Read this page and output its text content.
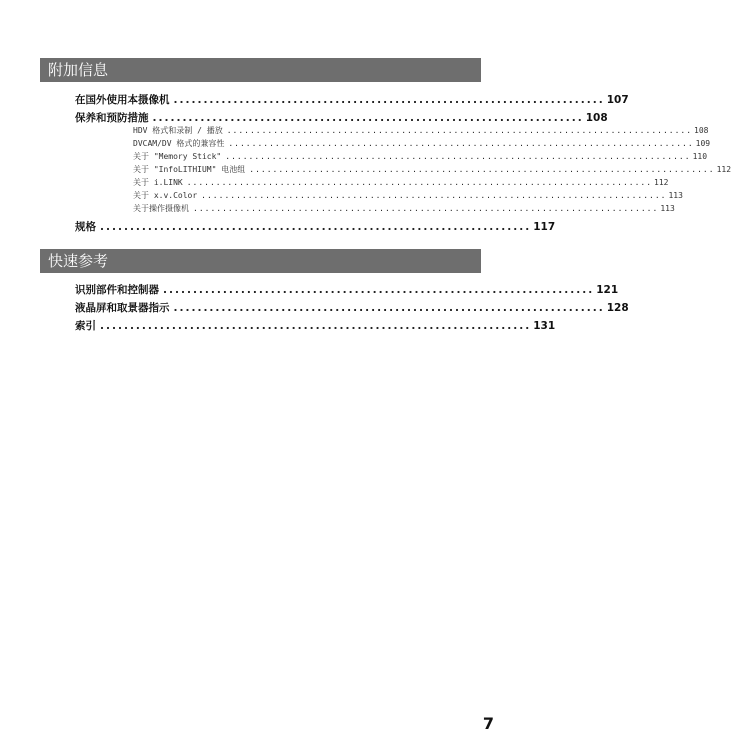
附加信息
在国外使用本摄像机 ........................................................................ 107
保养和预防措施 ........................................................................ 108
HDV 格式和录制 / 播放 ................................................................................ 108
DVCAM/DV 格式的兼容性 ................................................................................ 109
关于 "Memory Stick" ................................................................................ 110
关于 "InfoLITHIUM" 电池组 ................................................................................ 112
关于 i.LINK ................................................................................ 112
关于 x.v.Color ................................................................................ 113
关于操作摄像机 ................................................................................ 113
规格 ........................................................................ 117
快速参考
识别部件和控制器 ........................................................................ 121
液晶屏和取景器指示 ........................................................................ 128
索引 ........................................................................ 131
7
